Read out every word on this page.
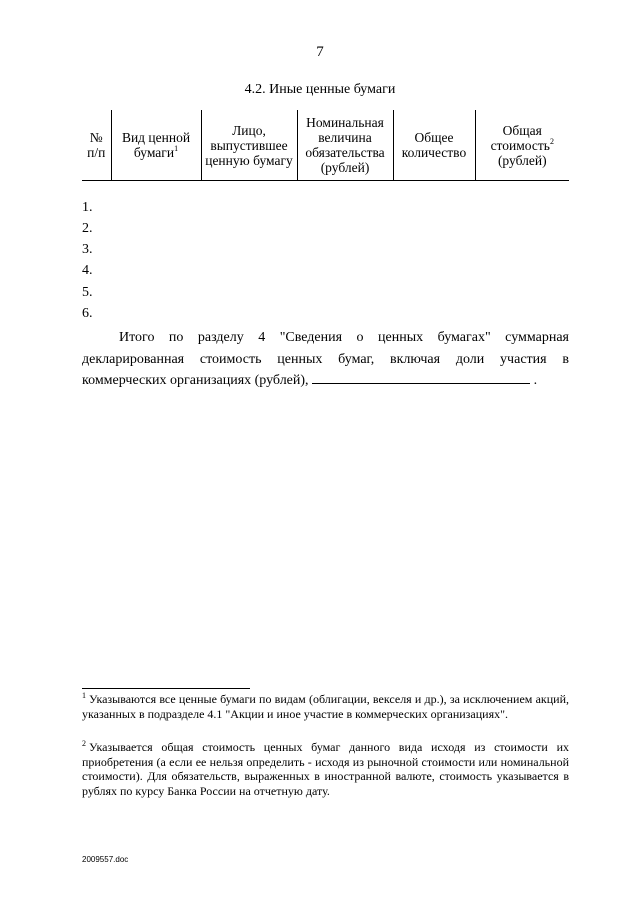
7
4.2. Иные ценные бумаги
№ п/п	Вид ценной бумаги$^1$	Лицо, выпустившее ценную бумагу	Номинальная величина обязательства (рублей)	Общее количество	Общая стоимость$^2$
(рублей)
1.
2.
3.
4.
5.
6.
Итого по разделу 4 "Сведения о ценных бумагах" суммарная декларированная стоимость ценных бумаг, включая доли участия в коммерческих организациях (рублей),	.
$^1$ Указываются все ценные бумаги по видам (облигации, векселя и др.), за исключением акций, указанных в подразделе 4.1 "Акции и иное участие в коммерческих организациях".
$^2$ Указывается общая стоимость ценных бумаг данного вида исходя из стоимости их приобретения (а если ее нельзя определить - исходя из рыночной стоимости или номинальной стоимости). Для обязательств, выраженных в иностранной валюте, стоимость указывается в рублях по курсу Банка России на отчетную дату.
2009557.doc
